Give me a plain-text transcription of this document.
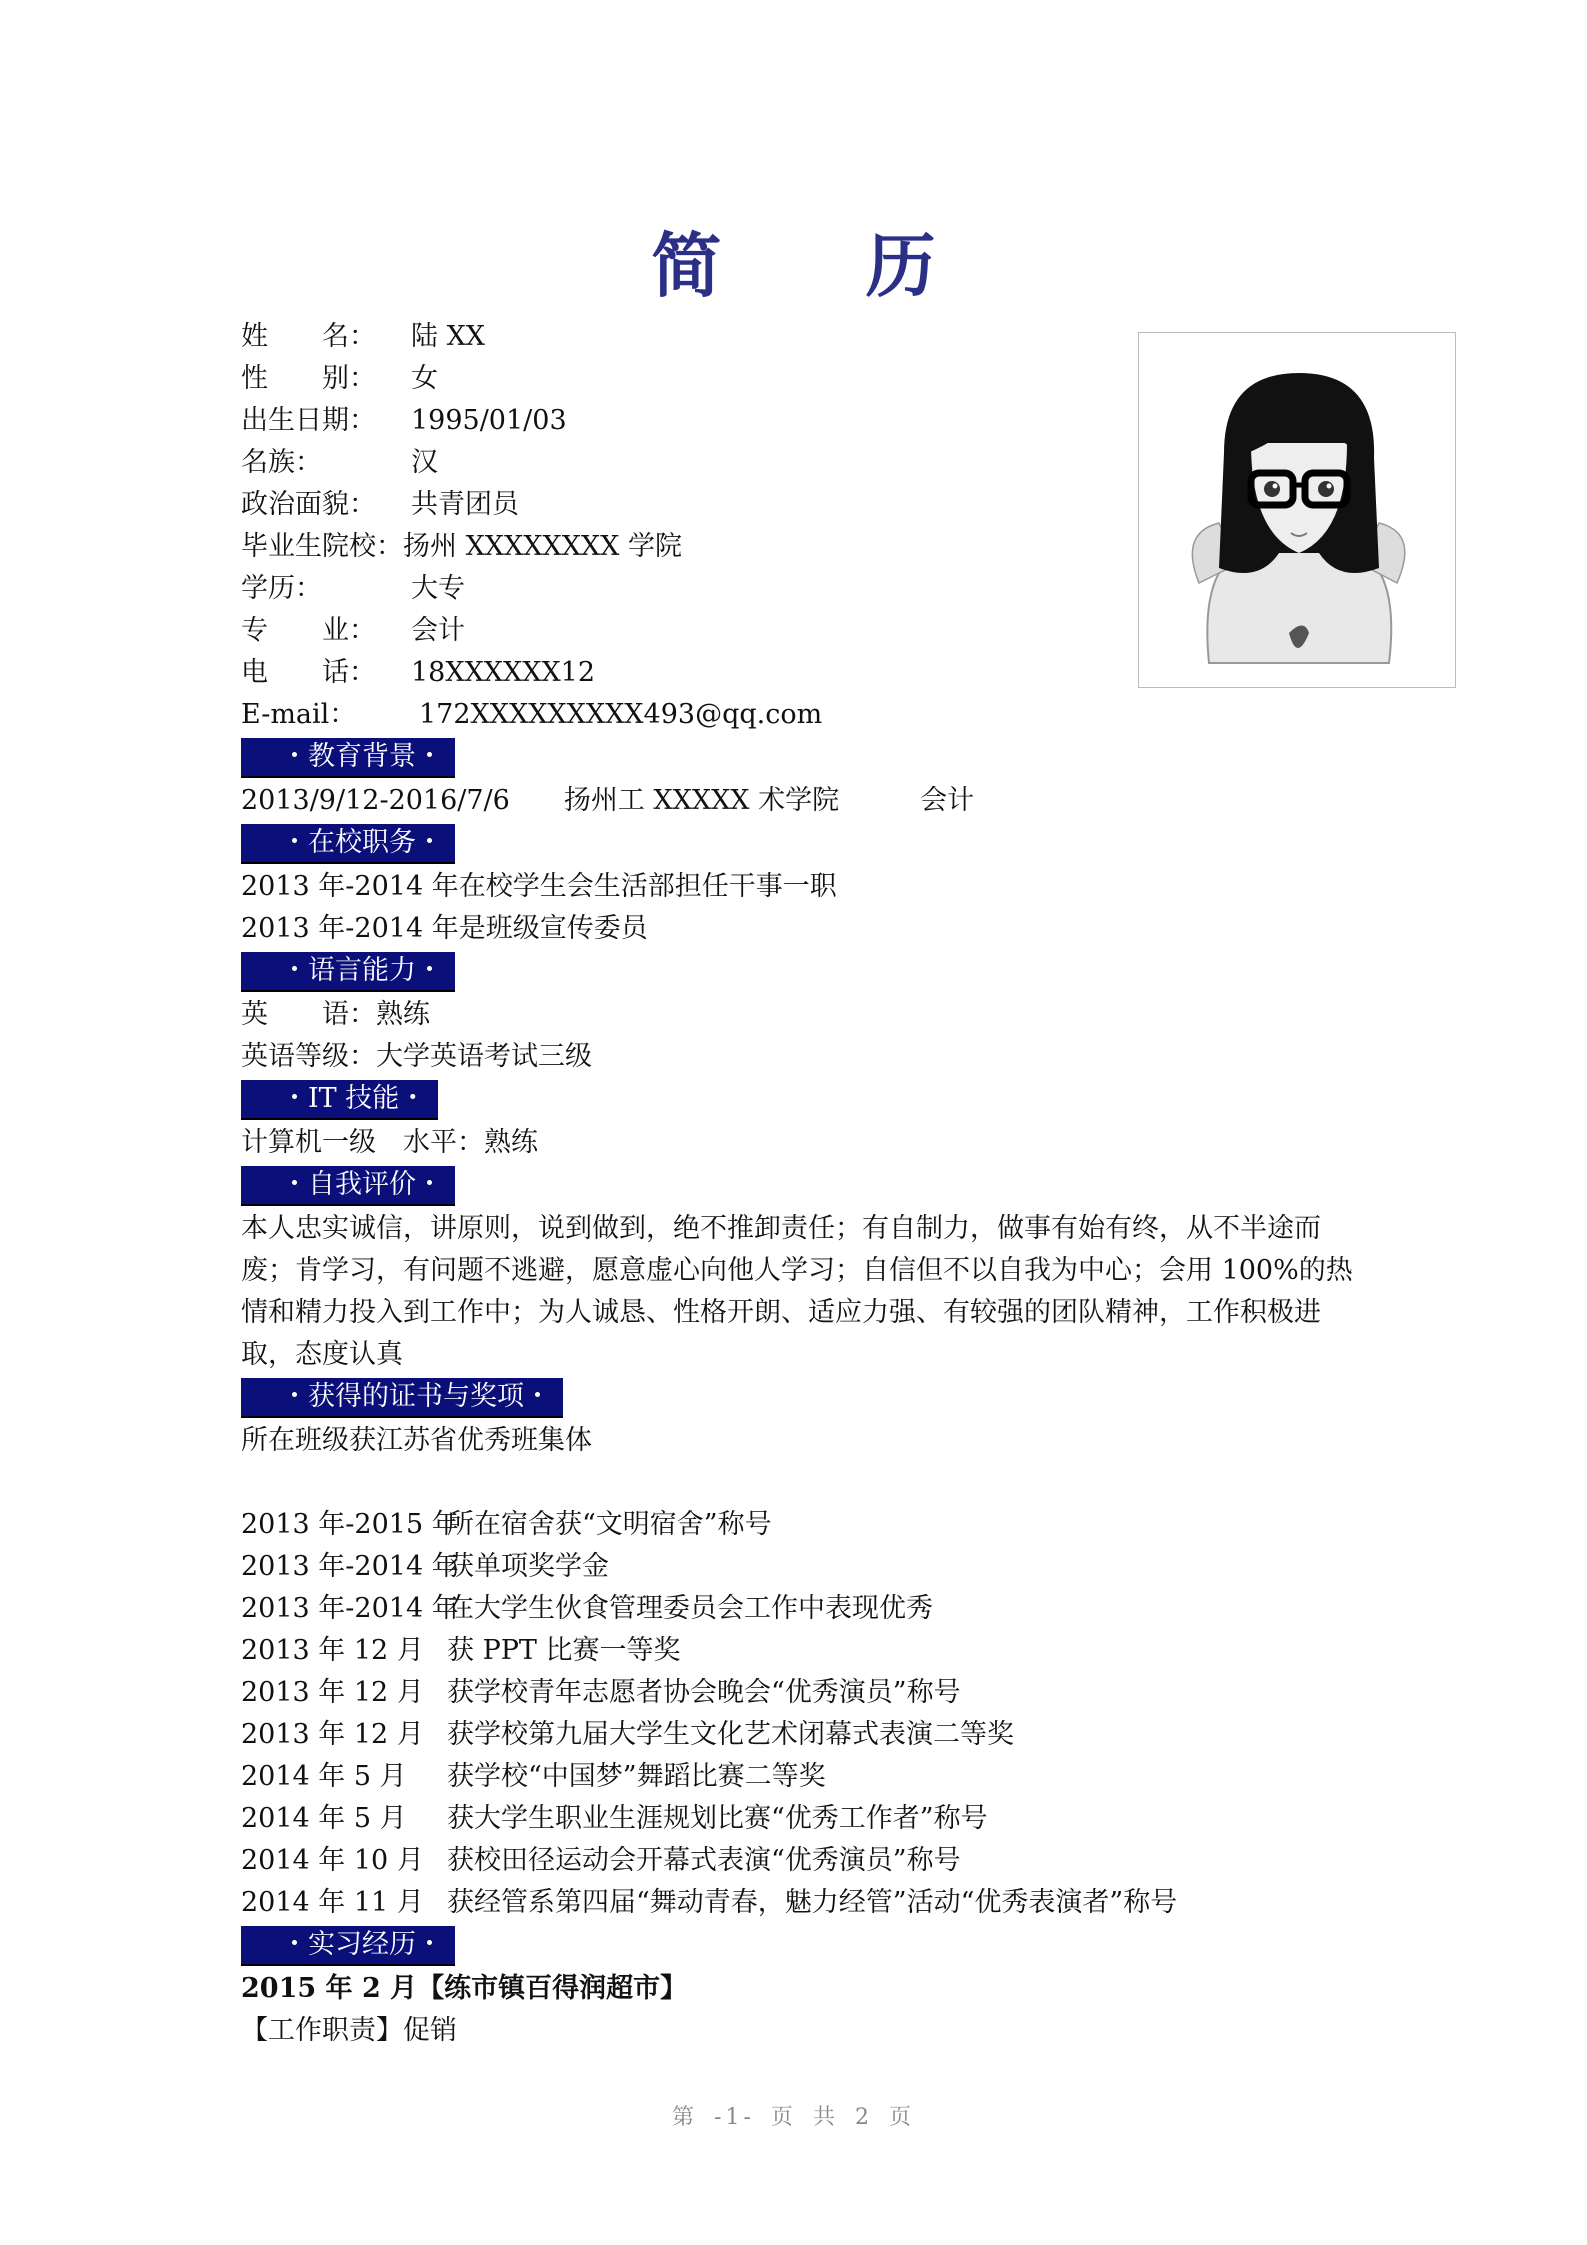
简 历
姓　　名： 陆 XX
性　　别： 女
出生日期： 1995/01/03
名族：	汉
政治面貌： 共青团员
毕业生院校：扬州 XXXXXXXX 学院
学历：	大专
专　　业： 会计
电　　话： 18XXXXXX12
E-mail： 172XXXXXXXXX493@qq.com
・教育背景・
2013/9/12-2016/7/6　　扬州工 XXXXX 术学院　　　会计
・在校职务・
2013 年-2014 年在校学生会生活部担任干事一职
2013 年-2014 年是班级宣传委员
・语言能力・
英　　语：熟练
英语等级：大学英语考试三级
・IT 技能・
计算机一级　水平：熟练
・自我评价・
本人忠实诚信，讲原则，说到做到，绝不推卸责任；有自制力，做事有始有终，从不半途而废；肯学习，有问题不逃避，愿意虚心向他人学习；自信但不以自我为中心；会用 100%的热情和精力投入到工作中；为人诚恳、性格开朗、适应力强、有较强的团队精神，工作积极进取，态度认真
・获得的证书与奖项・
所在班级获江苏省优秀班集体
2013 年-2015 年所在宿舍获“文明宿舍”称号
2013 年-2014 年获单项奖学金
2013 年-2014 年在大学生伙食管理委员会工作中表现优秀
2013 年 12 月 获 PPT 比赛一等奖
2013 年 12 月 获学校青年志愿者协会晚会“优秀演员”称号
2013 年 12 月 获学校第九届大学生文化艺术闭幕式表演二等奖
2014 年 5 月 获学校“中国梦”舞蹈比赛二等奖
2014 年 5 月 获大学生职业生涯规划比赛“优秀工作者”称号
2014 年 10 月 获校田径运动会开幕式表演“优秀演员”称号
2014 年 11 月 获经管系第四届“舞动青春，魅力经管”活动“优秀表演者”称号
・实习经历・
2015 年 2 月【练市镇百得润超市】
【工作职责】促销
第 -1- 页 共 2 页
